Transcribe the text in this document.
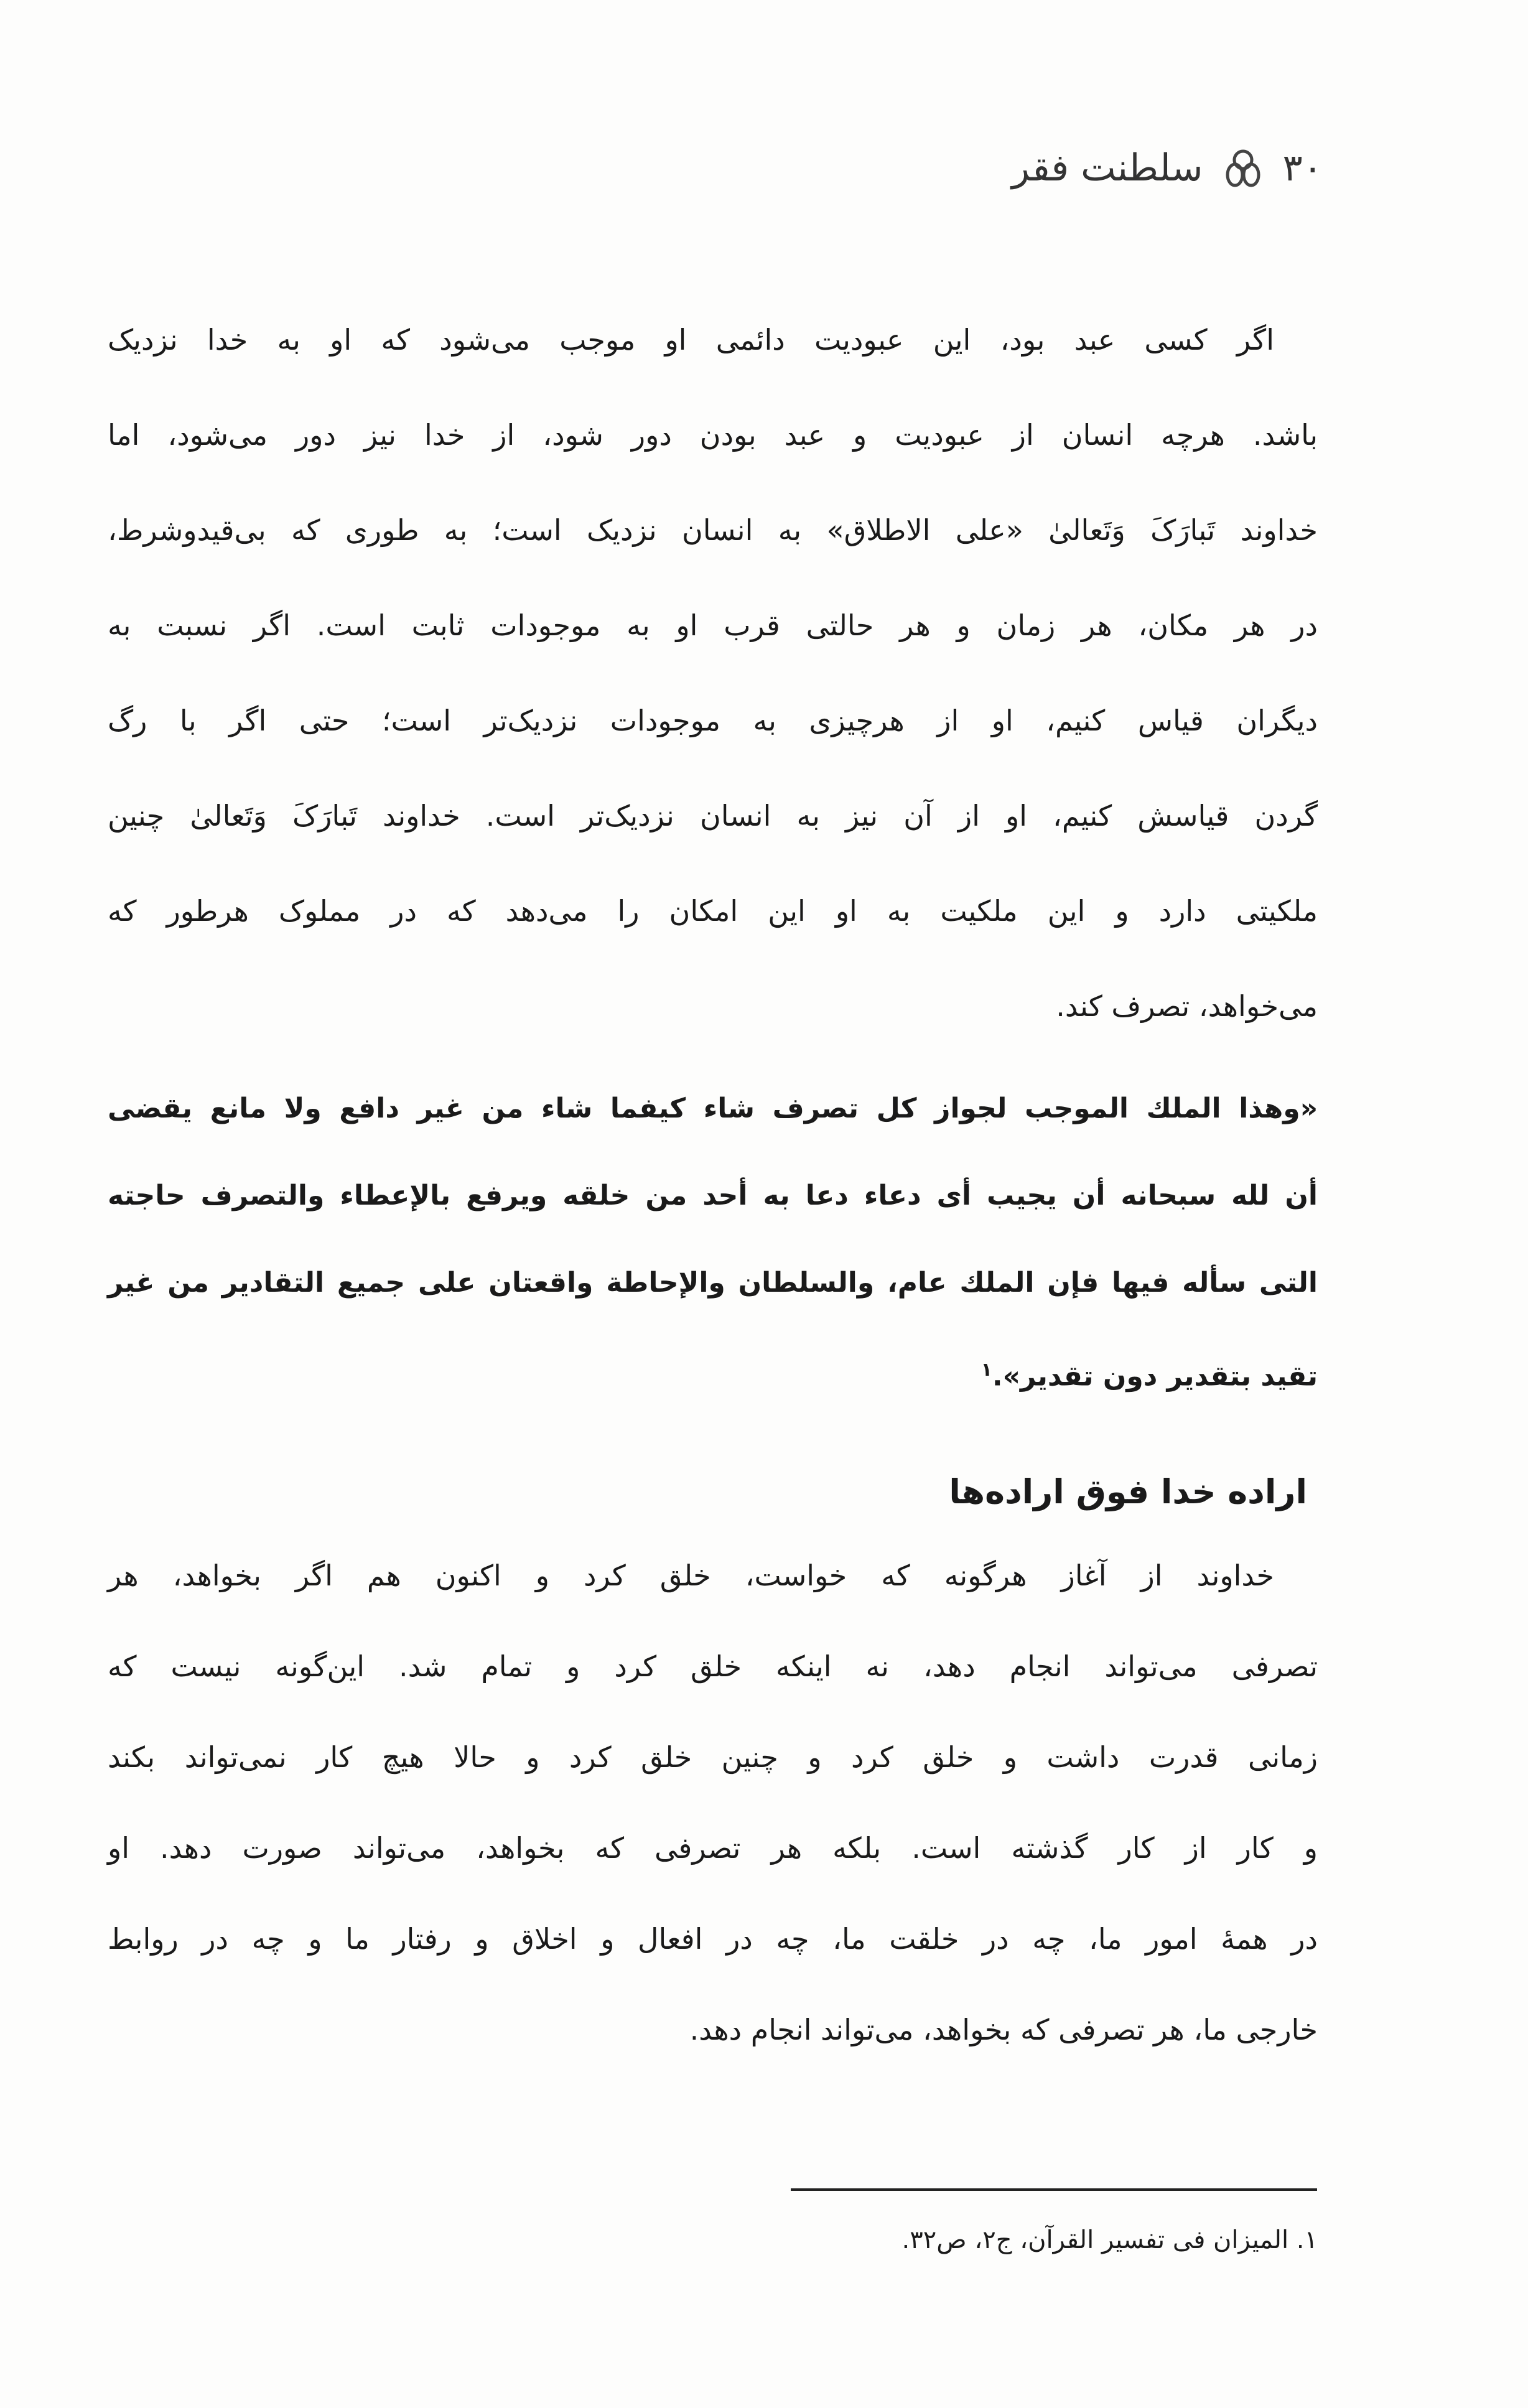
۳۰
سلطنت فقر
اگر کسی عبد بود، این عبودیت دائمی او موجب می‌شود که او به خدا نزدیک
باشد. هرچه انسان از عبودیت و عبد بودن دور شود، از خدا نیز دور می‌شود، اما
خداوند تَبارَکَ وَتَعالیٰ «علی الاطلاق» به انسان نزدیک است؛ به طوری که بی‌قیدوشرط،
در هر مکان، هر زمان و هر حالتی قرب او به موجودات ثابت است. اگر نسبت به
دیگران قیاس کنیم، او از هرچیزی به موجودات نزدیک‌تر است؛ حتی اگر با رگ
گردن قیاسش کنیم، او از آن نیز به انسان نزدیک‌تر است. خداوند تَبارَکَ وَتَعالیٰ چنین
ملکیتی دارد و این ملکیت به او این امکان را می‌دهد که در مملوک هرطور که
می‌خواهد، تصرف کند.
«وهذا الملك الموجب لجواز كل تصرف شاء كيفما شاء من غير دافع ولا مانع يقضى
أن لله سبحانه أن يجيب أى دعاء دعا به أحد من خلقه ويرفع بالإعطاء والتصرف حاجته
التى سأله فيها فإن الملك عام، والسلطان والإحاطة واقعتان على جميع التقادير من غير
تقيد بتقدير دون تقدير».$^۱$
اراده خدا فوق اراده‌ها
خداوند از آغاز هرگونه که خواست، خلق کرد و اکنون هم اگر بخواهد، هر
تصرفی می‌تواند انجام دهد، نه اینکه خلق کرد و تمام شد. این‌گونه نیست که
زمانی قدرت داشت و خلق کرد و چنین خلق کرد و حالا هیچ کار نمی‌تواند بکند
و کار از کار گذشته است. بلکه هر تصرفی که بخواهد، می‌تواند صورت دهد. او
در همهٔ امور ما، چه در خلقت ما، چه در افعال و اخلاق و رفتار ما و چه در روابط
خارجی ما، هر تصرفی که بخواهد، می‌تواند انجام دهد.
۱. المیزان فی تفسیر القرآن، ج۲، ص۳۲.
